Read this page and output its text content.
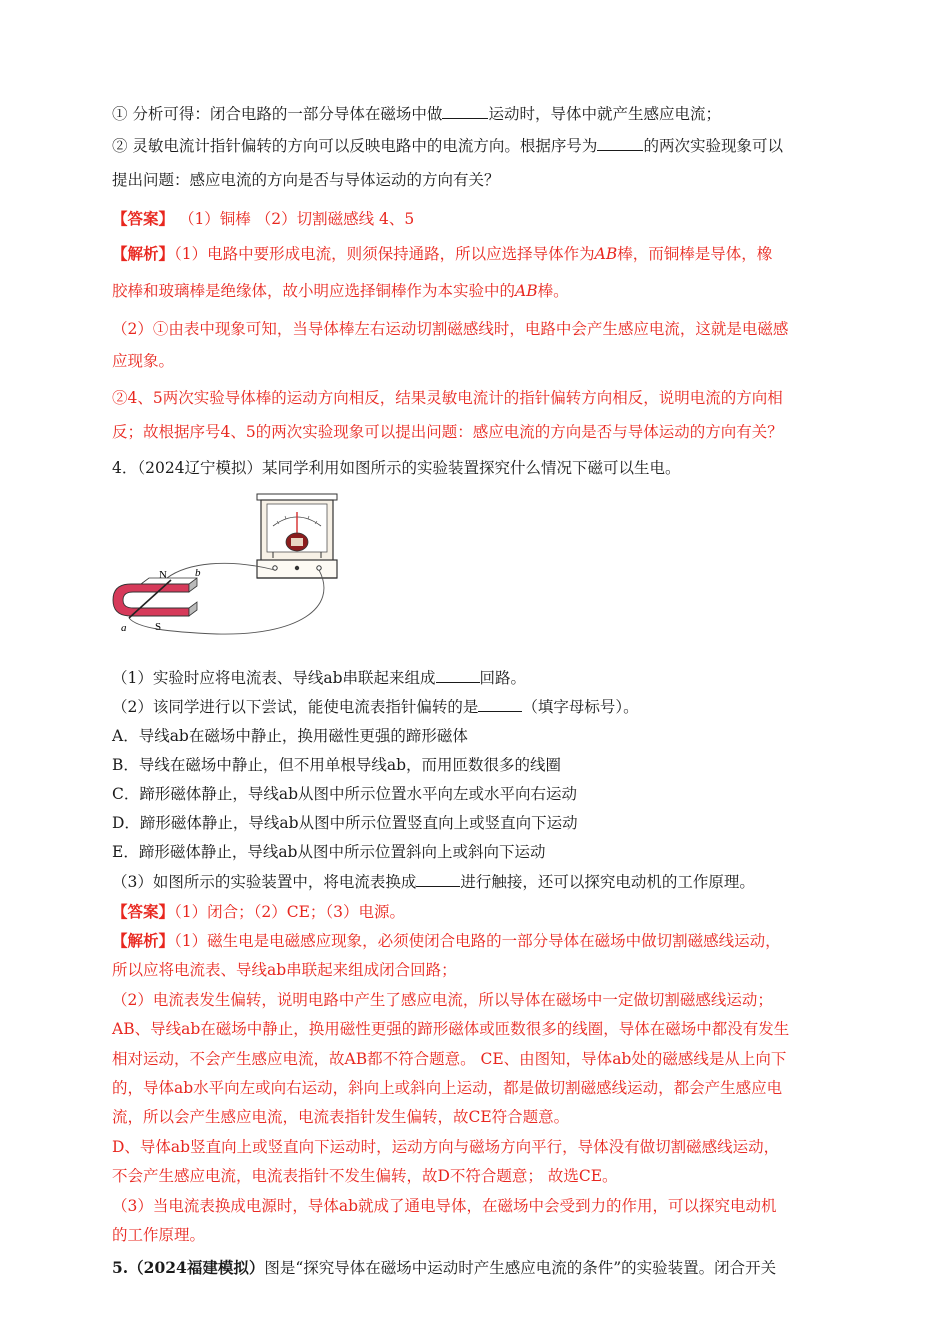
① 分析可得：闭合电路的一部分导体在磁场中做	运动时，导体中就产生感应电流；
② 灵敏电流计指针偏转的方向可以反映电路中的电流方向。根据序号为	的两次实验现象可以
提出问题：感应电流的方向是否与导体运动的方向有关？
【答案】 （1）铜棒 （2）切割磁感线 4、5
【解析】（1）电路中要形成电流，则须保持通路，所以应选择导体作为AB棒，而铜棒是导体，橡
胶棒和玻璃棒是绝缘体，故小明应选择铜棒作为本实验中的AB棒。
（2）①由表中现象可知，当导体棒左右运动切割磁感线时，电路中会产生感应电流，这就是电磁感
应现象。
②4、5两次实验导体棒的运动方向相反，结果灵敏电流计的指针偏转方向相反，说明电流的方向相
反；故根据序号4、5的两次实验现象可以提出问题：感应电流的方向是否与导体运动的方向有关？
4．（2024辽宁模拟）某同学利用如图所示的实验装置探究什么情况下磁可以生电。
N
S
a
b
（1）实验时应将电流表、导线ab串联起来组成	回路。
（2）该同学进行以下尝试，能使电流表指针偏转的是	（填字母标号）。
A．导线ab在磁场中静止，换用磁性更强的蹄形磁体
B．导线在磁场中静止，但不用单根导线ab，而用匝数很多的线圈
C．蹄形磁体静止，导线ab从图中所示位置水平向左或水平向右运动
D．蹄形磁体静止，导线ab从图中所示位置竖直向上或竖直向下运动
E．蹄形磁体静止，导线ab从图中所示位置斜向上或斜向下运动
（3）如图所示的实验装置中，将电流表换成	进行触接，还可以探究电动机的工作原理。
【答案】（1）闭合；（2）CE；（3）电源。
【解析】（1）磁生电是电磁感应现象，必须使闭合电路的一部分导体在磁场中做切割磁感线运动，
所以应将电流表、导线ab串联起来组成闭合回路；
（2）电流表发生偏转，说明电路中产生了感应电流，所以导体在磁场中一定做切割磁感线运动；
AB、导线ab在磁场中静止，换用磁性更强的蹄形磁体或匝数很多的线圈，导体在磁场中都没有发生
相对运动，不会产生感应电流，故AB都不符合题意。 CE、由图知，导体ab处的磁感线是从上向下
的，导体ab水平向左或向右运动，斜向上或斜向上运动，都是做切割磁感线运动，都会产生感应电
流，所以会产生感应电流，电流表指针发生偏转，故CE符合题意。
D、导体ab竖直向上或竖直向下运动时，运动方向与磁场方向平行，导体没有做切割磁感线运动，
不会产生感应电流，电流表指针不发生偏转，故D不符合题意； 故选CE。
（3）当电流表换成电源时，导体ab就成了通电导体，在磁场中会受到力的作用，可以探究电动机
的工作原理。
5.（2024福建模拟）图是“探究导体在磁场中运动时产生感应电流的条件”的实验装置。闭合开关
